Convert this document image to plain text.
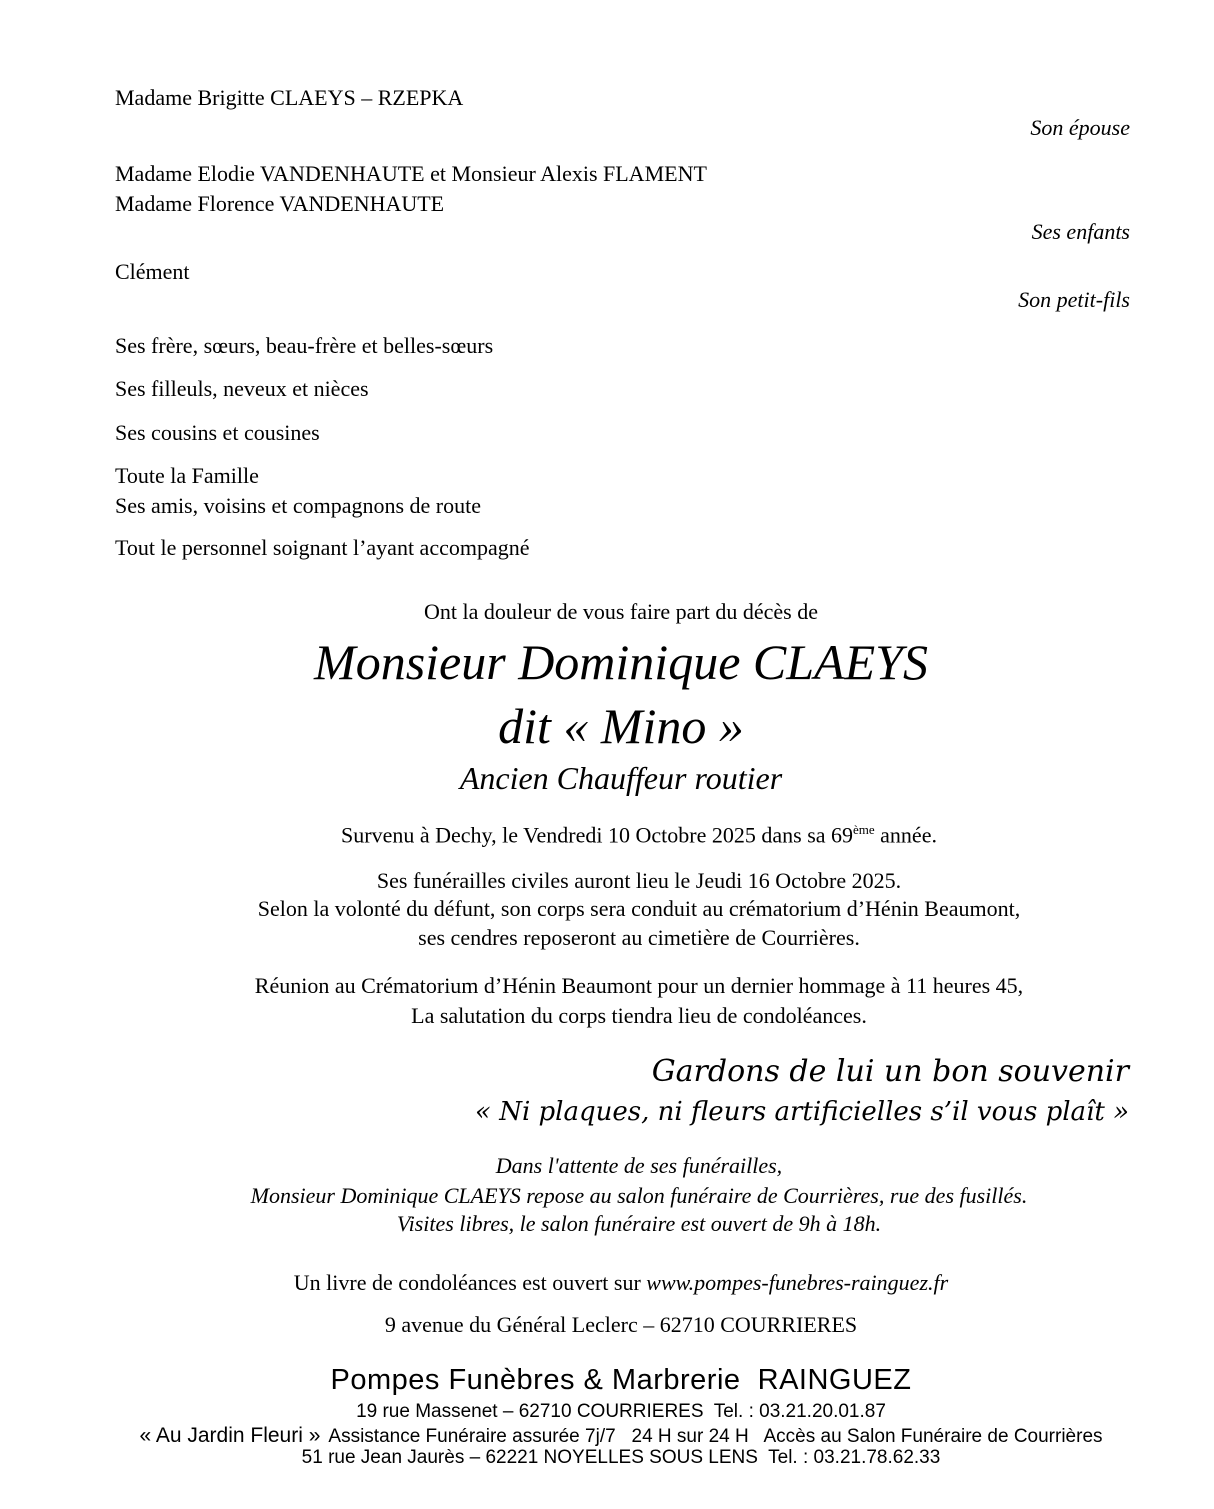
Madame Brigitte CLAEYS – RZEPKA
Son épouse
Madame Elodie VANDENHAUTE et Monsieur Alexis FLAMENT
Madame Florence VANDENHAUTE
Ses enfants
Clément
Son petit-fils
Ses frère, sœurs, beau-frère et belles-sœurs
Ses filleuls, neveux et nièces
Ses cousins et cousines
Toute la Famille
Ses amis, voisins et compagnons de route
Tout le personnel soignant l’ayant accompagné
Ont la douleur de vous faire part du décès de
Monsieur Dominique CLAEYS
dit « Mino »
Ancien Chauffeur routier
Survenu à Dechy, le Vendredi 10 Octobre 2025 dans sa 69ème année.
Ses funérailles civiles auront lieu le Jeudi 16 Octobre 2025.
Selon la volonté du défunt, son corps sera conduit au crématorium d’Hénin Beaumont,
ses cendres reposeront au cimetière de Courrières.
Réunion au Crématorium d’Hénin Beaumont pour un dernier hommage à 11 heures 45,
La salutation du corps tiendra lieu de condoléances.
Gardons de lui un bon souvenir
« Ni plaques, ni fleurs artificielles s’il vous plaît »
Dans l'attente de ses funérailles,
Monsieur Dominique CLAEYS repose au salon funéraire de Courrières, rue des fusillés.
Visites libres, le salon funéraire est ouvert de 9h à 18h.
Un livre de condoléances est ouvert sur www.pompes-funebres-rainguez.fr
9 avenue du Général Leclerc – 62710 COURRIERES
Pompes Funèbres & Marbrerie  RAINGUEZ
19 rue Massenet – 62710 COURRIERES  Tel. : 03.21.20.01.87
« Au Jardin Fleuri » Assistance Funéraire assurée 7j/7   24 H sur 24 H   Accès au Salon Funéraire de Courrières
51 rue Jean Jaurès – 62221 NOYELLES SOUS LENS  Tel. : 03.21.78.62.33
